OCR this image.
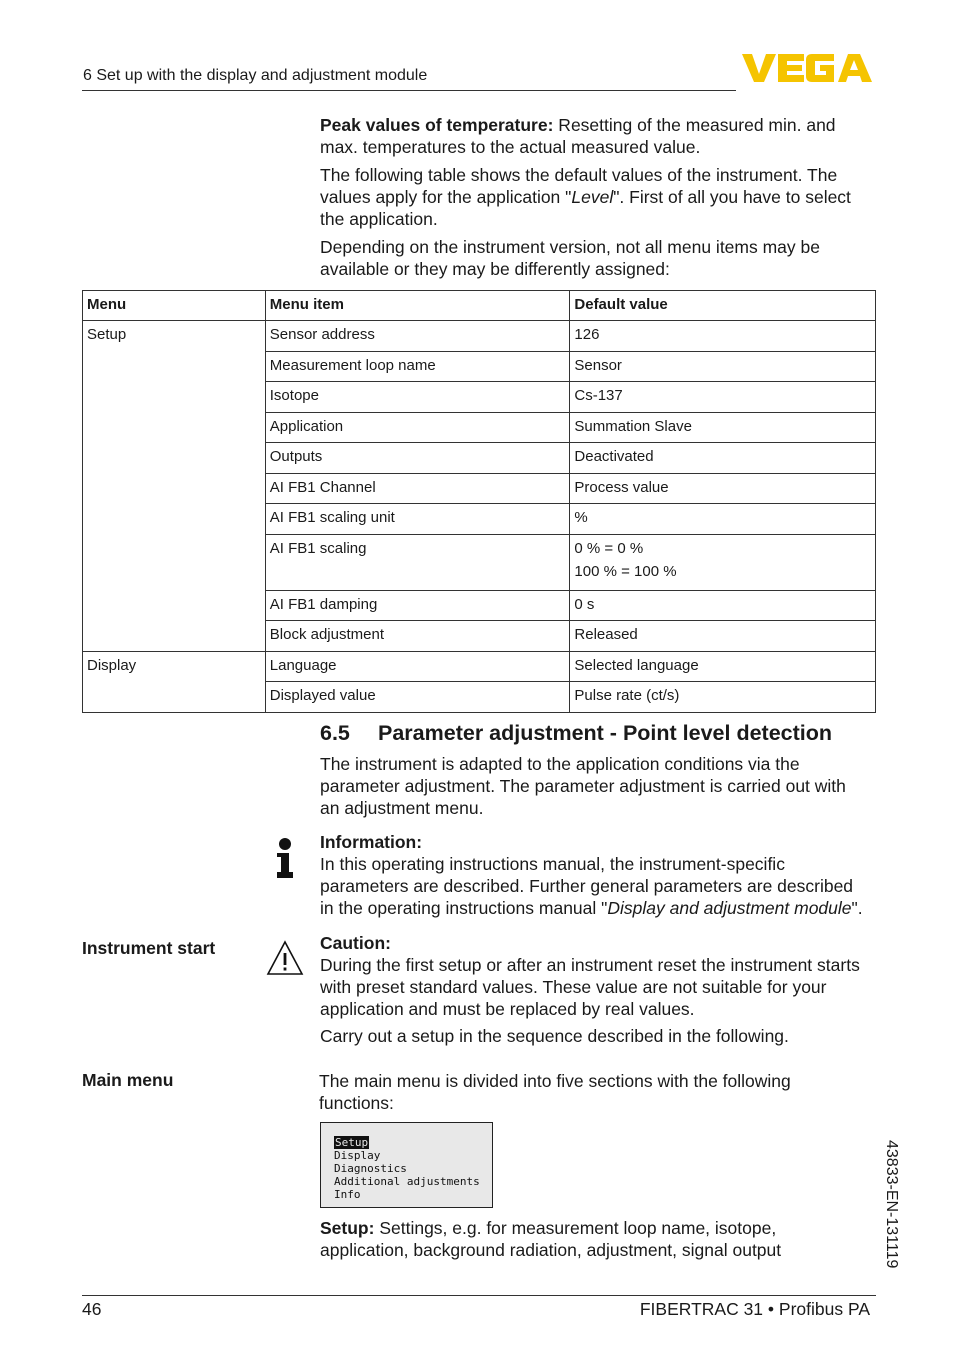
6 Set up with the display and adjustment module
Peak values of temperature: Resetting of the measured min. and max. temperatures to the actual measured value.
The following table shows the default values of the instrument. The values apply for the application "Level". First of all you have to select the application.
Depending on the instrument version, not all menu items may be available or they may be differently assigned:
Menu	Menu item	Default value
Setup	Sensor address	126
	Measurement loop name	Sensor
	Isotope	Cs-137
	Application	Summation Slave
	Outputs	Deactivated
	AI FB1 Channel	Process value
	AI FB1 scaling unit	%
	AI FB1 scaling	0 % = 0 %
100 % = 100 %

	AI FB1 damping	0 s
	Block adjustment	Released
Display	Language	Selected language
	Displayed value	Pulse rate (ct/s)
6.5 Parameter adjustment - Point level detection
The instrument is adapted to the application conditions via the parameter adjustment. The parameter adjustment is carried out with an adjustment menu.
Information:
In this operating instructions manual, the instrument-specific parameters are described. Further general parameters are described in the operating instructions manual "Display and adjustment module".
Instrument start	Caution:
During the first setup or after an instrument reset the instrument starts with preset standard values. These value are not suitable for your application and must be replaced by real values.
Carry out a setup in the sequence described in the following.
Main menu	The main menu is divided into five sections with the following functions:
Setup
Display
Diagnostics
Additional adjustments
Info
Setup: Settings, e.g. for measurement loop name, isotope, application, background radiation, adjustment, signal output	43833-EN-131119
46	FIBERTRAC 31 • Profibus PA
